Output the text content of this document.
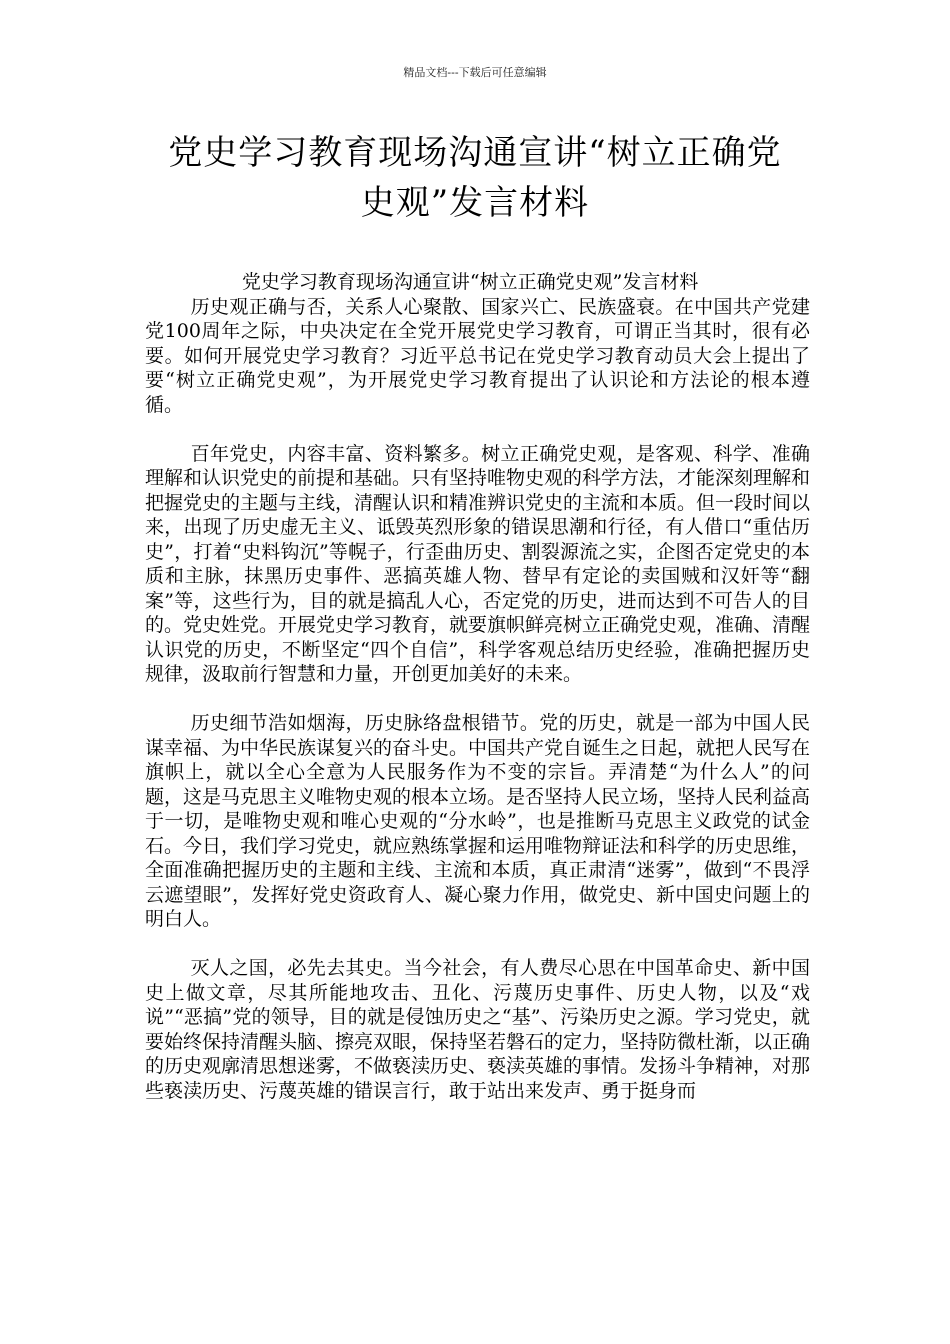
精品文档---下载后可任意编辑
党史学习教育现场沟通宣讲“树立正确党
史观”发言材料

党史学习教育现场沟通宣讲“树立正确党史观”发言材料

历史观正确与否，关系人心聚散、国家兴亡、民族盛衰。在中国共产党建党100周年之际，中央决定在全党开展党史学习教育，可谓正当其时，很有必要。如何开展党史学习教育？习近平总书记在党史学习教育动员大会上提出了要“树立正确党史观”，为开展党史学习教育提出了认识论和方法论的根本遵循。

百年党史，内容丰富、资料繁多。树立正确党史观，是客观、科学、准确理解和认识党史的前提和基础。只有坚持唯物史观的科学方法，才能深刻理解和把握党史的主题与主线，清醒认识和精准辨识党史的主流和本质。但一段时间以来，出现了历史虚无主义、诋毁英烈形象的错误思潮和行径，有人借口“重估历史”，打着“史料钩沉”等幌子，行歪曲历史、割裂源流之实，企图否定党史的本质和主脉，抹黑历史事件、恶搞英雄人物、替早有定论的卖国贼和汉奸等“翻案”等，这些行为，目的就是搞乱人心，否定党的历史，进而达到不可告人的目的。党史姓党。开展党史学习教育，就要旗帜鲜亮树立正确党史观，准确、清醒认识党的历史，不断坚定“四个自信”，科学客观总结历史经验，准确把握历史规律，汲取前行智慧和力量，开创更加美好的未来。

历史细节浩如烟海，历史脉络盘根错节。党的历史，就是一部为中国人民谋幸福、为中华民族谋复兴的奋斗史。中国共产党自诞生之日起，就把人民写在旗帜上，就以全心全意为人民服务作为不变的宗旨。弄清楚“为什么人”的问题，这是马克思主义唯物史观的根本立场。是否坚持人民立场，坚持人民利益高于一切，是唯物史观和唯心史观的“分水岭”，也是推断马克思主义政党的试金石。今日，我们学习党史，就应熟练掌握和运用唯物辩证法和科学的历史思维，全面准确把握历史的主题和主线、主流和本质，真正肃清“迷雾”，做到“不畏浮云遮望眼”，发挥好党史资政育人、凝心聚力作用，做党史、新中国史问题上的明白人。

灭人之国，必先去其史。当今社会，有人费尽心思在中国革命史、新中国史上做文章，尽其所能地攻击、丑化、污蔑历史事件、历史人物，以及“戏说”“恶搞”党的领导，目的就是侵蚀历史之“基”、污染历史之源。学习党史，就要始终保持清醒头脑、擦亮双眼，保持坚若磐石的定力，坚持防微杜渐，以正确的历史观廓清思想迷雾，不做亵渎历史、亵渎英雄的事情。发扬斗争精神，对那些亵渎历史、污蔑英雄的错误言行，敢于站出来发声、勇于挺身而
